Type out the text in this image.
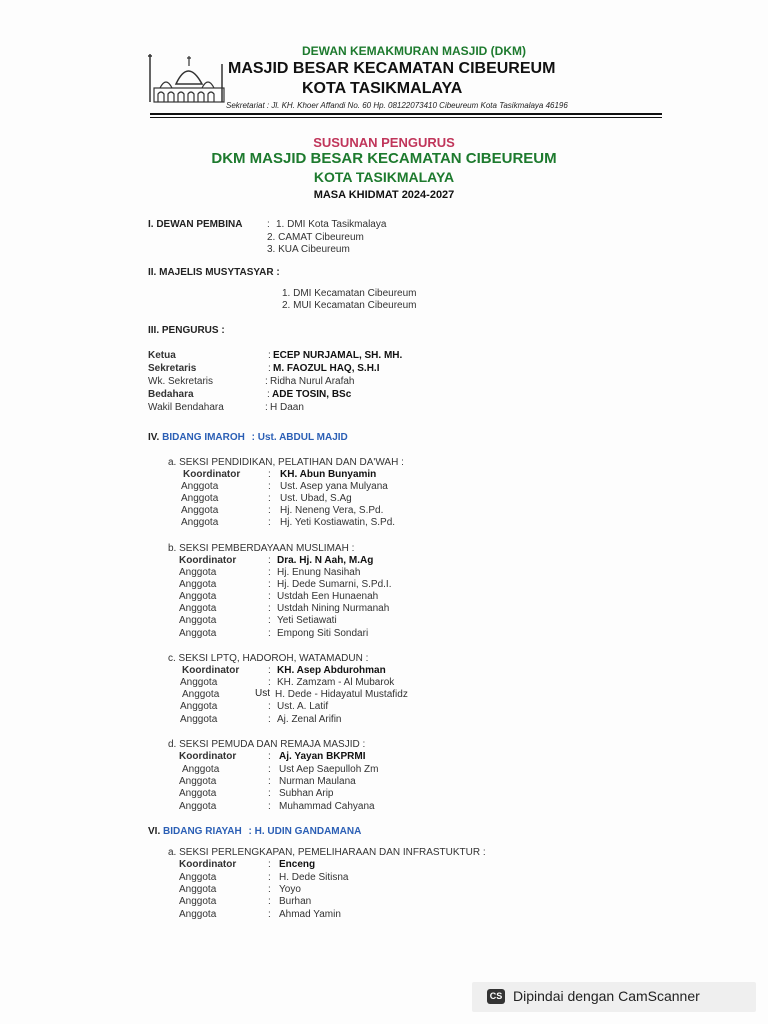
DEWAN KEMAKMURAN MASJID (DKM)
MASJID BESAR KECAMATAN CIBEUREUM
KOTA TASIKMALAYA
Sekretariat : Jl. KH. Khoer Affandi No. 60 Hp. 08122073410 Cibeureum Kota Tasikmalaya 46196
SUSUNAN PENGURUS
DKM MASJID BESAR KECAMATAN CIBEUREUM
KOTA TASIKMALAYA
MASA KHIDMAT 2024-2027
I. DEWAN PEMBINA : 1. DMI Kota Tasikmalaya
2. CAMAT Cibeureum
3. KUA Cibeureum
II. MAJELIS MUSYTASYAR :
1. DMI Kecamatan Cibeureum
2. MUI Kecamatan Cibeureum
III. PENGURUS :
Ketua	: ECEP NURJAMAL, SH. MH.
Sekretaris	: M. FAOZUL HAQ, S.H.I
Wk. Sekretaris	: Ridha Nurul Arafah
Bedahara	: ADE TOSIN, BSc
Wakil Bendahara	: H Daan
IV. BIDANG IMAROH : Ust. ABDUL MAJID
a. SEKSI PENDIDIKAN, PELATIHAN DAN DA'WAH :
Koordinator	: KH. Abun Bunyamin
Anggota	: Ust. Asep yana Mulyana
Anggota	: Ust. Ubad, S.Ag
Anggota	: Hj. Neneng Vera, S.Pd.
Anggota	: Hj. Yeti Kostiawatin, S.Pd.
b. SEKSI PEMBERDAYAAN MUSLIMAH :
Koordinator	: Dra. Hj. N Aah, M.Ag
Anggota	: Hj. Enung Nasihah
Anggota	: Hj. Dede Sumarni, S.Pd.I.
Anggota	: Ustdah Een Hunaenah
Anggota	: Ustdah Nining Nurmanah
Anggota	: Yeti Setiawati
Anggota	: Empong Siti Sondari
c. SEKSI LPTQ, HADOROH, WATAMADUN :
Koordinator	: KH. Asep Abdurohman
Anggota	: KH. Zamzam - Al Mubarok
Anggota	Ust H. Dede - Hidayatul Mustafidz
Anggota	: Ust. A. Latif
Anggota	: Aj. Zenal Arifin
d. SEKSI PEMUDA DAN REMAJA MASJID :
Koordinator	: Aj. Yayan BKPRMI
Anggota	: Ust Aep Saepulloh Zm
Anggota	: Nurman Maulana
Anggota	: Subhan Arip
Anggota	: Muhammad Cahyana
VI. BIDANG RIAYAH : H. UDIN GANDAMANA
a. SEKSI PERLENGKAPAN, PEMELIHARAAN DAN INFRASTUKTUR :
Koordinator	: Enceng
Anggota	: H. Dede Sitisna
Anggota	: Yoyo
Anggota	: Burhan
Anggota	: Ahmad Yamin
CS Dipindai dengan CamScanner
